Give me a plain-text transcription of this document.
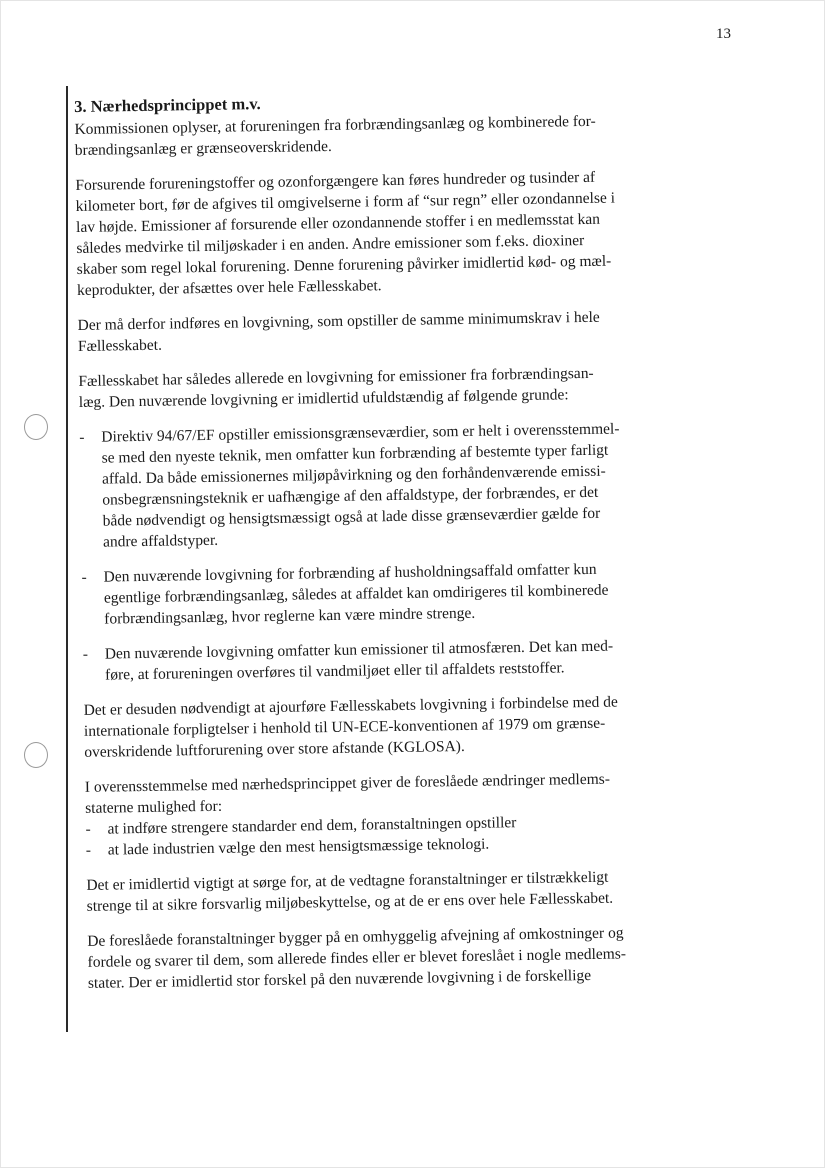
13
3. Nærhedsprincippet m.v.
Kommissionen oplyser, at forureningen fra forbrændingsanlæg og kombinerede for-
brændingsanlæg er grænseoverskridende.
Forsurende forureningstoffer og ozonforgængere kan føres hundreder og tusinder af
kilometer bort, før de afgives til omgivelserne i form af “sur regn” eller ozondannelse i
lav højde. Emissioner af forsurende eller ozondannende stoffer i en medlemsstat kan
således medvirke til miljøskader i en anden. Andre emissioner som f.eks. dioxiner
skaber som regel lokal forurening. Denne forurening påvirker imidlertid kød- og mæl-
keprodukter, der afsættes over hele Fællesskabet.
Der må derfor indføres en lovgivning, som opstiller de samme minimumskrav i hele
Fællesskabet.
Fællesskabet har således allerede en lovgivning for emissioner fra forbrændingsan-
læg. Den nuværende lovgivning er imidlertid ufuldstændig af følgende grunde:
-	Direktiv 94/67/EF opstiller emissionsgrænseværdier, som er helt i overensstemmel-
se med den nyeste teknik, men omfatter kun forbrænding af bestemte typer farligt
affald. Da både emissionernes miljøpåvirkning og den forhåndenværende emissi-
onsbegrænsningsteknik er uafhængige af den affaldstype, der forbrændes, er det
både nødvendigt og hensigtsmæssigt også at lade disse grænseværdier gælde for
andre affaldstyper.
-	Den nuværende lovgivning for forbrænding af husholdningsaffald omfatter kun
egentlige forbrændingsanlæg, således at affaldet kan omdirigeres til kombinerede
forbrændingsanlæg, hvor reglerne kan være mindre strenge.
-	Den nuværende lovgivning omfatter kun emissioner til atmosfæren. Det kan med-
føre, at forureningen overføres til vandmiljøet eller til affaldets reststoffer.
Det er desuden nødvendigt at ajourføre Fællesskabets lovgivning i forbindelse med de
internationale forpligtelser i henhold til UN-ECE-konventionen af 1979 om grænse-
overskridende luftforurening over store afstande (KGLOSA).
I overensstemmelse med nærhedsprincippet giver de foreslåede ændringer medlems-
staterne mulighed for:
-	at indføre strengere standarder end dem, foranstaltningen opstiller
-	at lade industrien vælge den mest hensigtsmæssige teknologi.
Det er imidlertid vigtigt at sørge for, at de vedtagne foranstaltninger er tilstrækkeligt
strenge til at sikre forsvarlig miljøbeskyttelse, og at de er ens over hele Fællesskabet.
De foreslåede foranstaltninger bygger på en omhyggelig afvejning af omkostninger og
fordele og svarer til dem, som allerede findes eller er blevet foreslået i nogle medlems-
stater. Der er imidlertid stor forskel på den nuværende lovgivning i de forskellige
